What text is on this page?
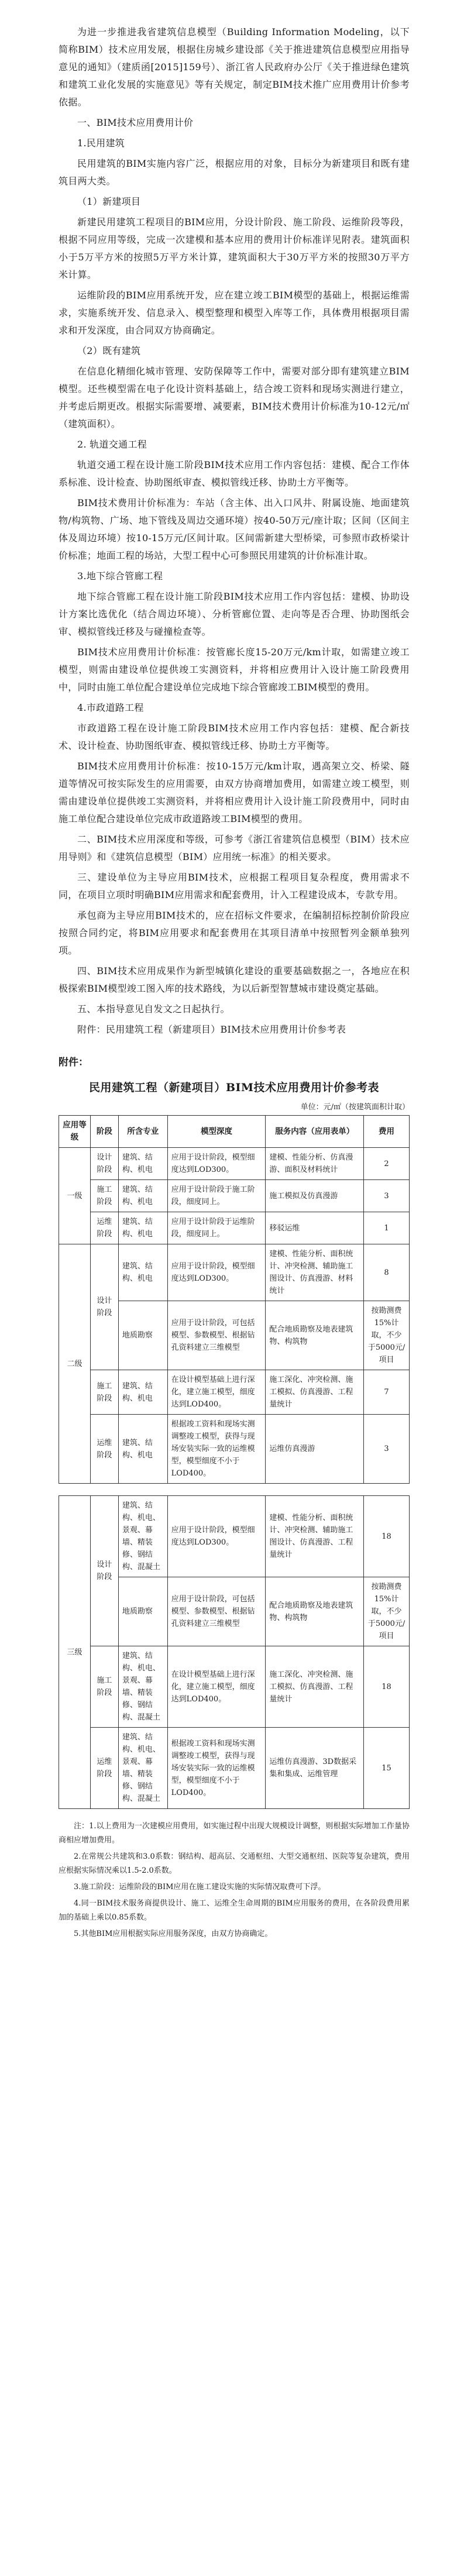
为进一步推进我省建筑信息模型（Building Information Modeling，以下简称BIM）技术应用发展，根据住房城乡建设部《关于推进建筑信息模型应用指导意见的通知》（建质函[2015]159号）、浙江省人民政府办公厅《关于推进绿色建筑和建筑工业化发展的实施意见》等有关规定，制定BIM技术推广应用费用计价参考依据。

一、BIM技术应用费用计价

1.民用建筑

民用建筑的BIM实施内容广泛，根据应用的对象，目标分为新建项目和既有建筑目两大类。

（1）新建项目

新建民用建筑工程项目的BIM应用，分设计阶段、施工阶段、运维阶段等段，根据不同应用等级，完成一次建模和基本应用的费用计价标准详见附表。建筑面积小于5万平方米的按照5万平方米计算，建筑面积大于30万平方米的按照30万平方米计算。

运维阶段的BIM应用系统开发，应在建立竣工BIM模型的基础上，根据运维需求，实施系统开发、信息录入、模型整理和模型入库等工作，具体费用根据项目需求和开发深度，由合同双方协商确定。

（2）既有建筑

在信息化精细化城市管理、安防保障等工作中，需要对部分即有建筑建立BIM模型。还些模型需在电子化设计资料基础上，结合竣工资料和现场实测进行建立，并考虑后期更改。根据实际需要增、减要素，BIM技术费用计价标准为10-12元/㎡（建筑面积）。

2. 轨道交通工程

轨道交通工程在设计施工阶段BIM技术应用工作内容包括：建模、配合工作体系标准、设计检查、协助图纸审查、模拟管线迁移、协助土方平衡等。

BIM技术费用计价标准为：车站（含主体、出入口风井、附属设施、地面建筑物/构筑物、广场、地下管线及周边交通环境）按40-50万元/座计取；区间（区间主体及周边环境）按10-15万元/区间计取。区间需新建大型桥梁，可参照市政桥梁计价标准；地面工程的场站，大型工程中心可参照民用建筑的计价标准计取。

3.地下综合管廊工程

地下综合管廊工程在设计施工阶段BIM技术应用工作内容包括：建模、协助设计方案比选优化（结合周边环境）、分析管廊位置、走向等是否合理、协助图纸会审、模拟管线迁移及与碰撞检查等。

BIM技术应用费用计价标准：按管廊长度15-20万元/km计取，如需建立竣工模型，则需由建设单位提供竣工实测资料，并将相应费用计入设计施工阶段费用中，同时由施工单位配合建设单位完成地下综合管廊竣工BIM模型的费用。

4.市政道路工程

市政道路工程在设计施工阶段BIM技术应用工作内容包括：建模、配合新技术、设计检查、协助图纸审查、模拟管线迁移、协助土方平衡等。

BIM技术应用费用计价标准：按10-15万元/km计取，遇高架立交、桥梁、隧道等情况可按实际发生的应用需要，由双方协商增加费用，如需建立竣工模型，则需由建设单位提供竣工实测资料，并将相应费用计入设计施工阶段费用中，同时由施工单位配合建设单位完成市政道路竣工BIM模型的费用。

二、BIM技术应用深度和等级，可参考《浙江省建筑信息模型（BIM）技术应用导则》和《建筑信息模型（BIM）应用统一标准》的相关要求。

三、建设单位为主导应用BIM技术，应根据工程项目复杂程度，费用需求不同，在项目立项时明确BIM应用需求和配套费用，计入工程建设成本，专款专用。

承包商为主导应用BIM技术的，应在招标文件要求，在编制招标控制价阶段应按照合同约定，将BIM应用要求和配套费用在其项目清单中按照暂列金额单独列项。

四、BIM技术应用成果作为新型城镇化建设的重要基础数据之一，各地应在积极探索BIM模型竣工图入库的技术路线，为以后新型智慧城市建设奠定基础。

五、本指导意见自发文之日起执行。

附件：民用建筑工程（新建项目）BIM技术应用费用计价参考表

附件：
民用建筑工程（新建项目）BIM技术应用费用计价参考表
单位：元/㎡（按建筑面积计取）
应用等级	阶段	所含专业	模型深度	服务内容（应用表单）	费用
一级	设计阶段	建筑、结构、机电	应用于设计阶段，模型细度达到LOD300。	建模、性能分析、仿真漫游、面积及材料统计	2
	施工阶段	建筑、结构、机电	应用于设计阶段于施工阶段，细度同上。	施工模拟及仿真漫游	3
	运维阶段	建筑、结构、机电	应用于设计阶段于运维阶段，细度同上。	移驳运维	1
二级	设计阶段	建筑、结构、机电	应用于设计阶段，模型细度达到LOD300。	建模、性能分析、面积统计、冲突检测、辅助施工图设计、仿真漫游、材料统计	8
		地质勘察	应用于设计阶段，可包括模型、参数模型、根据钻孔资料建立三维模型	配合地质勘察及地表建筑物、构筑物	按勘测费15%计取，不少于5000元/项目
	施工阶段	建筑、结构、机电	在设计模型基础上进行深化，建立施工模型，细度达到LOD400。	施工深化、冲突检测、施工模拟、仿真漫游、工程量统计	7
	运维阶段	建筑、结构、机电	根据竣工资料和现场实测调整竣工模型，获得与现场安装实际一致的运维模型，模型细度不小于LOD400。	运维仿真漫游	3
三级	设计阶段	建筑、结构、机电、景观、幕墙、精装修、钢结构、混凝土	应用于设计阶段，模型细度达到LOD300。	建模、性能分析、面积统计、冲突检测、辅助施工图设计、仿真漫游、工程量统计	18
		地质勘察	应用于设计阶段，可包括模型、参数模型、根据钻孔资料建立三维模型	配合地质勘察及地表建筑物、构筑物	按勘测费15%计取，不少于5000元/项目
	施工阶段	建筑、结构、机电、景观、幕墙、精装修、钢结构、混凝土	在设计模型基础上进行深化，建立施工模型，细度达到LOD400。	施工深化、冲突检测、施工模拟、仿真漫游、工程量统计	18
	运维阶段	建筑、结构、机电、景观、幕墙、精装修、钢结构、混凝土	根据竣工资料和现场实测调整竣工模型，获得与现场安装实际一致的运维模型，模型细度不小于LOD400。	运维仿真漫游、3D数据采集和集成、运维管理	15

注：1.以上费用为一次建模应用费用，如实施过程中出现大规模设计调整，则根据实际增加工作量协商相应增加费用。

2.在常规公共建筑和3.0系数：钢结构、超高层、交通枢纽、大型交通枢纽、医院等复杂建筑，费用应根据实际情况乘以1.5-2.0系数。

3.施工阶段：运维阶段的BIM应用在施工建设实施的实际情况取费可下浮。

4.同一BIM技术服务商提供设计、施工、运维全生命周期的BIM应用服务的费用，在各阶段费用累加的基础上乘以0.85系数。

5.其他BIM应用根据实际应用服务深度，由双方协商确定。
